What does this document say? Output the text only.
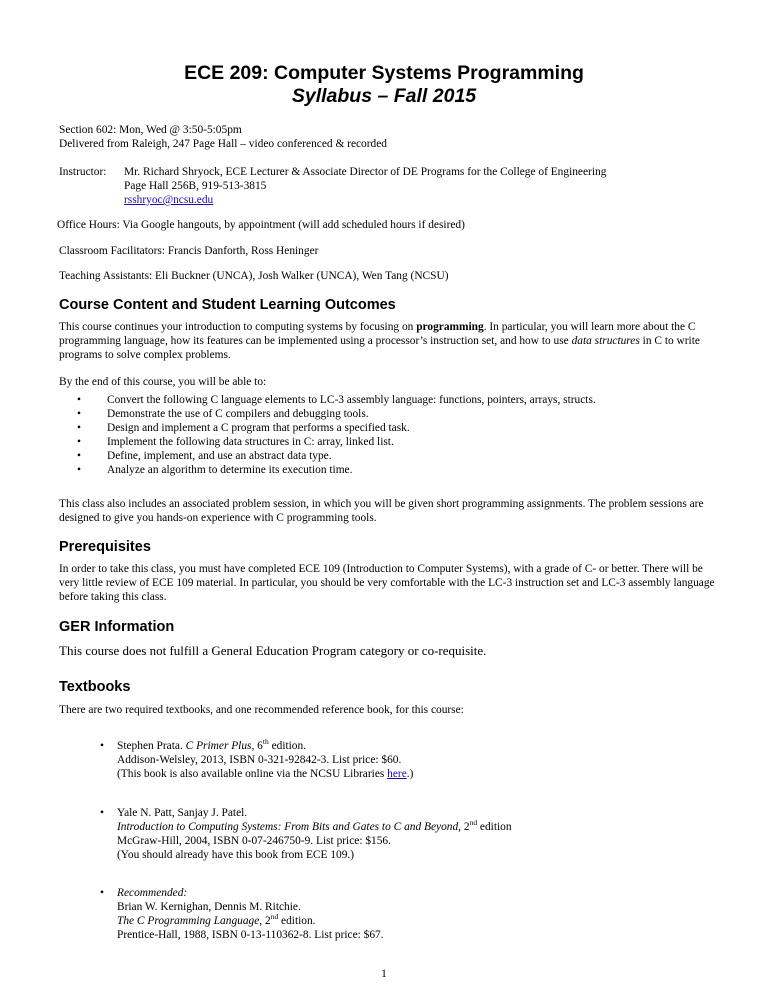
ECE 209: Computer Systems Programming
Syllabus – Fall 2015

Section 602: Mon, Wed @ 3:50-5:05pm

Delivered from Raleigh, 247 Page Hall – video conferenced & recorded

Instructor: Mr. Richard Shryock, ECE Lecturer & Associate Director of DE Programs for the College of Engineering
Page Hall 256B, 919-513-3815
rsshryoc@ncsu.edu

Office Hours: Via Google hangouts, by appointment (will add scheduled hours if desired)

Classroom Facilitators: Francis Danforth, Ross Heninger

Teaching Assistants: Eli Buckner (UNCA), Josh Walker (UNCA), Wen Tang (NCSU)

Course Content and Student Learning Outcomes

This course continues your introduction to computing systems by focusing on programming. In particular, you will learn more about the C programming language, how its features can be implemented using a processor’s instruction set, and how to use data structures in C to write programs to solve complex problems.

By the end of this course, you will be able to:

• Convert the following C language elements to LC-3 assembly language: functions, pointers, arrays, structs.
• Demonstrate the use of C compilers and debugging tools.
• Design and implement a C program that performs a specified task.
• Implement the following data structures in C: array, linked list.
• Define, implement, and use an abstract data type.
• Analyze an algorithm to determine its execution time.

This class also includes an associated problem session, in which you will be given short programming assignments. The problem sessions are designed to give you hands-on experience with C programming tools.

Prerequisites

In order to take this class, you must have completed ECE 109 (Introduction to Computer Systems), with a grade of C- or better. There will be very little review of ECE 109 material. In particular, you should be very comfortable with the LC-3 instruction set and LC-3 assembly language before taking this class.

GER Information

This course does not fulfill a General Education Program category or co-requisite.

Textbooks

There are two required textbooks, and one recommended reference book, for this course:

• Stephen Prata. C Primer Plus, 6th edition.
Addison-Welsley, 2013, ISBN 0-321-92842-3. List price: $60.
(This book is also available online via the NCSU Libraries here.)
• Yale N. Patt, Sanjay J. Patel.
Introduction to Computing Systems: From Bits and Gates to C and Beyond, 2nd edition
McGraw-Hill, 2004, ISBN 0-07-246750-9. List price: $156.
(You should already have this book from ECE 109.)
• Recommended:
Brian W. Kernighan, Dennis M. Ritchie.
The C Programming Language, 2nd edition.
Prentice-Hall, 1988, ISBN 0-13-110362-8. List price: $67.
1
